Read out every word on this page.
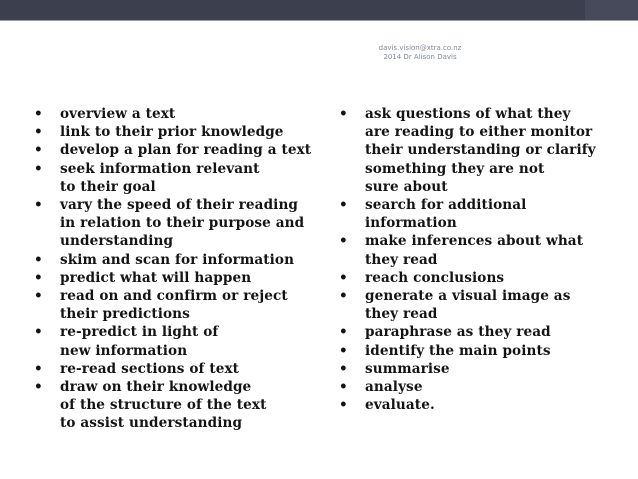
davis.vision@xtra.co.nz
2014 Dr Alison Davis
• overview a text
• link to their prior knowledge
• develop a plan for reading a text
• seek information relevant
to their goal
• vary the speed of their reading
in relation to their purpose and
understanding
• skim and scan for information
• predict what will happen
• read on and confirm or reject
their predictions
• re-predict in light of
new information
• re-read sections of text
• draw on their knowledge
of the structure of the text
to assist understanding
• ask questions of what they
are reading to either monitor
their understanding or clarify
something they are not
sure about
• search for additional
information
• make inferences about what
they read
• reach conclusions
• generate a visual image as
they read
• paraphrase as they read
• identify the main points
• summarise
• analyse
• evaluate.
